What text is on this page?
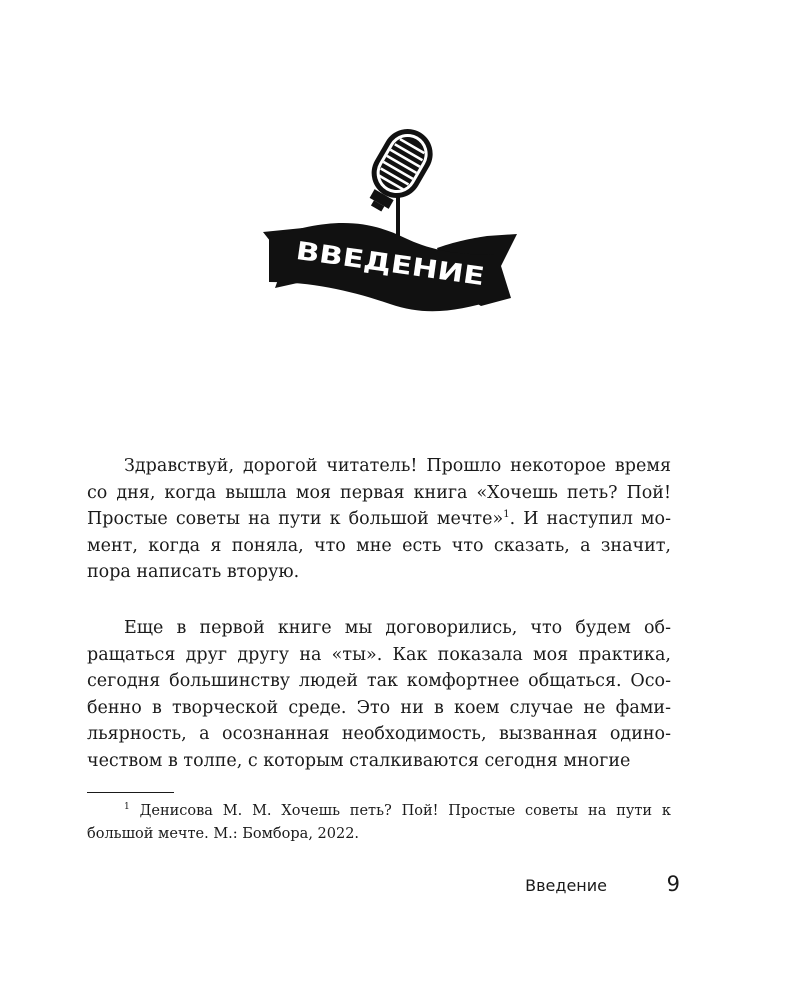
ВВЕДЕНИЕ

Здравствуй, дорогой читатель! Прошло некоторое время со дня, когда вышла моя первая книга «Хочешь петь? Пой! Простые советы на пути к большой мечте»$^1$. И наступил момент, когда я поняла, что мне есть что сказать, а значит, пора написать вторую.

Еще в первой книге мы договорились, что будем обращаться друг другу на «ты». Как показала моя практика, сегодня большинству людей так комфортнее общаться. Особенно в творческой среде. Это ни в коем случае не фамильярность, а осознанная необходимость, вызванная одиночеством в толпе, с которым сталкиваются сегодня многие

$^1$ Денисова М. М. Хочешь петь? Пой! Простые советы на пути к большой мечте. М.: Бомбора, 2022.

Введение	9
